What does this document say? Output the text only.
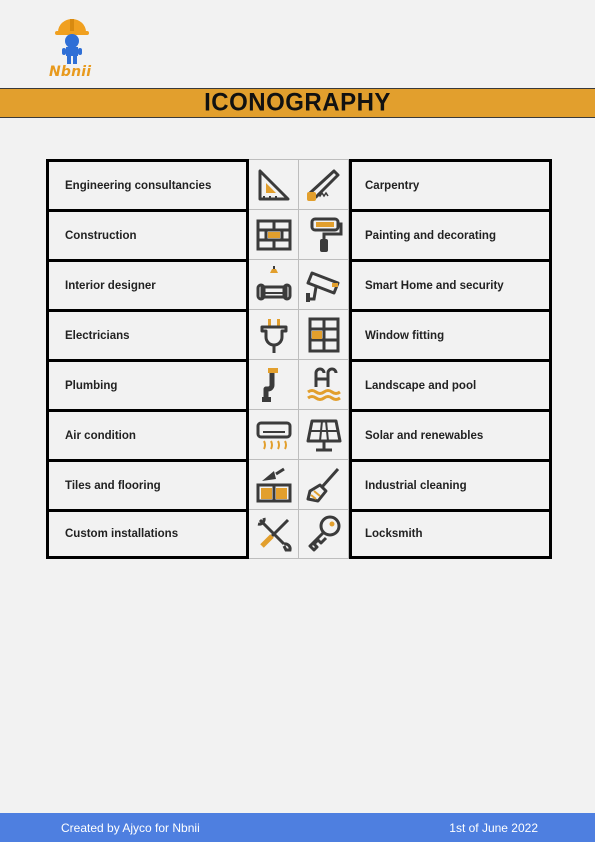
Nbnii
ICONOGRAPHY
Engineering consultancies	Carpentry
Construction	Painting and decorating
Interior designer	Smart Home and security
Electricians	Window fitting
Plumbing	Landscape and pool
Air condition	Solar and renewables
Tiles and flooring	Industrial cleaning
Custom installations	Locksmith
Created by Ajyco for Nbnii	1st of June 2022
